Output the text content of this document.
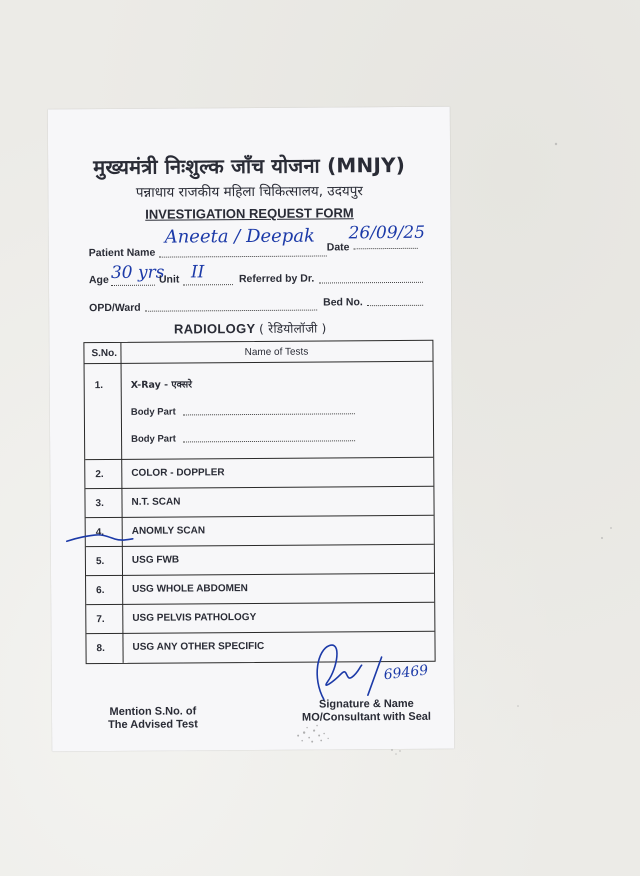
मुख्यमंत्री निःशुल्क जाँच योजना (MNJY)
पन्नाधाय राजकीय महिला चिकित्सालय, उदयपुर
INVESTIGATION REQUEST FORM
Patient Name
Aneeta / Deepak Date
26/09/25
Age 30 yrs
Unit II	Referred by Dr.
OPD/Ward	Bed No.
RADIOLOGY ( रेडियोलॉजी )
S.No.	Name of Tests
1.	X-Ray - एक्सरे
Body Part
Body Part
2.	COLOR - DOPPLER
3.	N.T. SCAN
4.	ANOMLY SCAN
5.	USG FWB
6.	USG WHOLE ABDOMEN
7.	USG PELVIS PATHOLOGY
8.	USG ANY OTHER SPECIFIC
69469
Mention S.No. of
The Advised Test
Signature & Name
MO/Consultant with Seal
